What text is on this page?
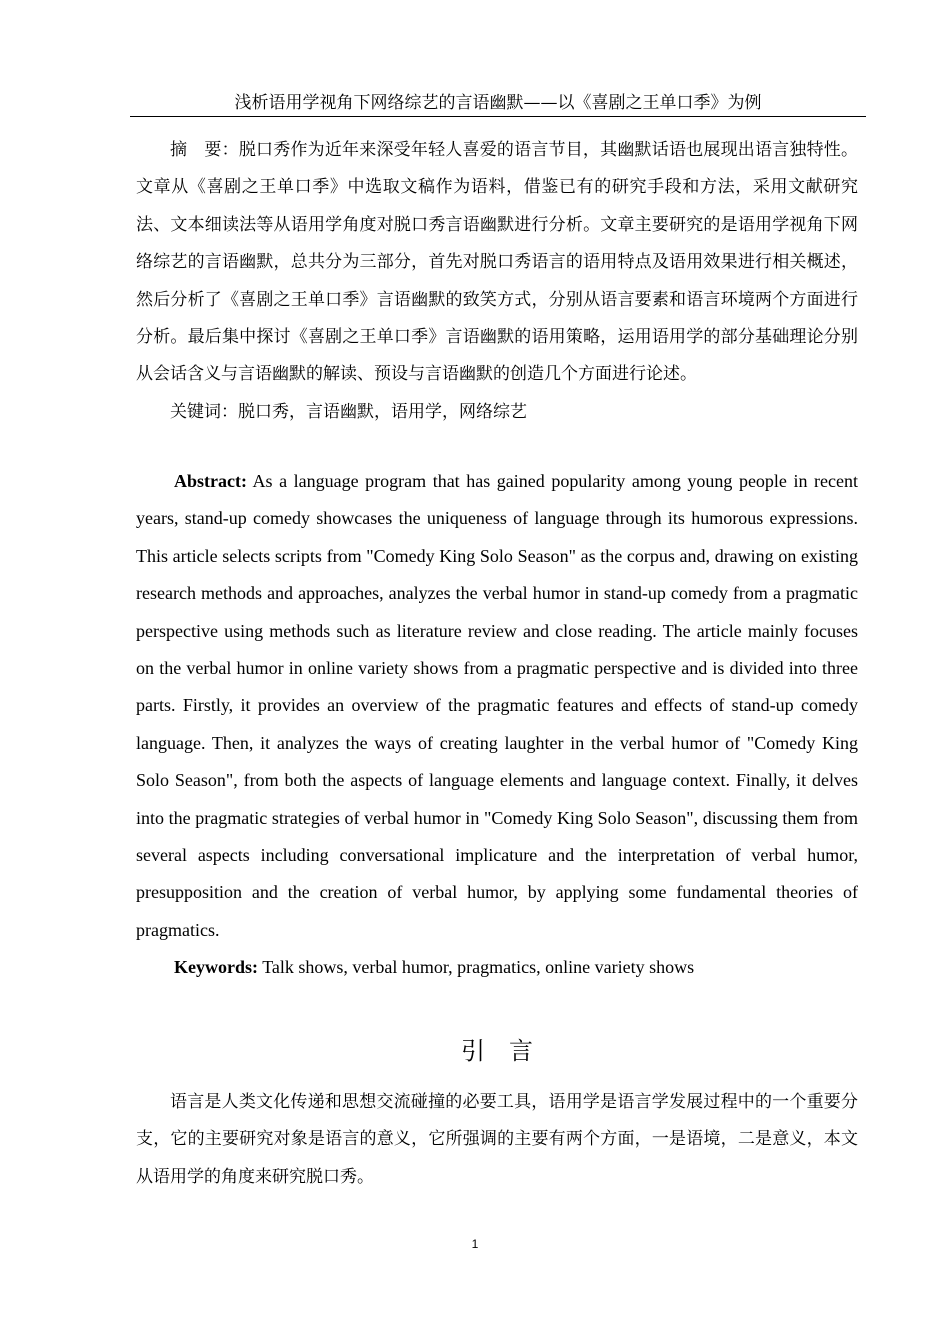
浅析语用学视角下网络综艺的言语幽默——以《喜剧之王单口季》为例

摘　要：脱口秀作为近年来深受年轻人喜爱的语言节目，其幽默话语也展现出语言独特性。文章从《喜剧之王单口季》中选取文稿作为语料，借鉴已有的研究手段和方法，采用文献研究法、文本细读法等从语用学角度对脱口秀言语幽默进行分析。文章主要研究的是语用学视角下网络综艺的言语幽默，总共分为三部分，首先对脱口秀语言的语用特点及语用效果进行相关概述，然后分析了《喜剧之王单口季》言语幽默的致笑方式，分别从语言要素和语言环境两个方面进行分析。最后集中探讨《喜剧之王单口季》言语幽默的语用策略，运用语用学的部分基础理论分别从会话含义与言语幽默的解读、预设与言语幽默的创造几个方面进行论述。

关键词：脱口秀，言语幽默，语用学，网络综艺

Abstract: As a language program that has gained popularity among young people in recent years, stand-up comedy showcases the uniqueness of language through its humorous expressions. This article selects scripts from "Comedy King Solo Season" as the corpus and, drawing on existing research methods and approaches, analyzes the verbal humor in stand-up comedy from a pragmatic perspective using methods such as literature review and close reading. The article mainly focuses on the verbal humor in online variety shows from a pragmatic perspective and is divided into three parts. Firstly, it provides an overview of the pragmatic features and effects of stand-up comedy language. Then, it analyzes the ways of creating laughter in the verbal humor of "Comedy King Solo Season", from both the aspects of language elements and language context. Finally, it delves into the pragmatic strategies of verbal humor in "Comedy King Solo Season", discussing them from several aspects including conversational implicature and the interpretation of verbal humor, presupposition and the creation of verbal humor, by applying some fundamental theories of pragmatics.

Keywords: Talk shows, verbal humor, pragmatics, online variety shows

引　言

语言是人类文化传递和思想交流碰撞的必要工具，语用学是语言学发展过程中的一个重要分支，它的主要研究对象是语言的意义，它所强调的主要有两个方面，一是语境，二是意义，本文从语用学的角度来研究脱口秀。

1
